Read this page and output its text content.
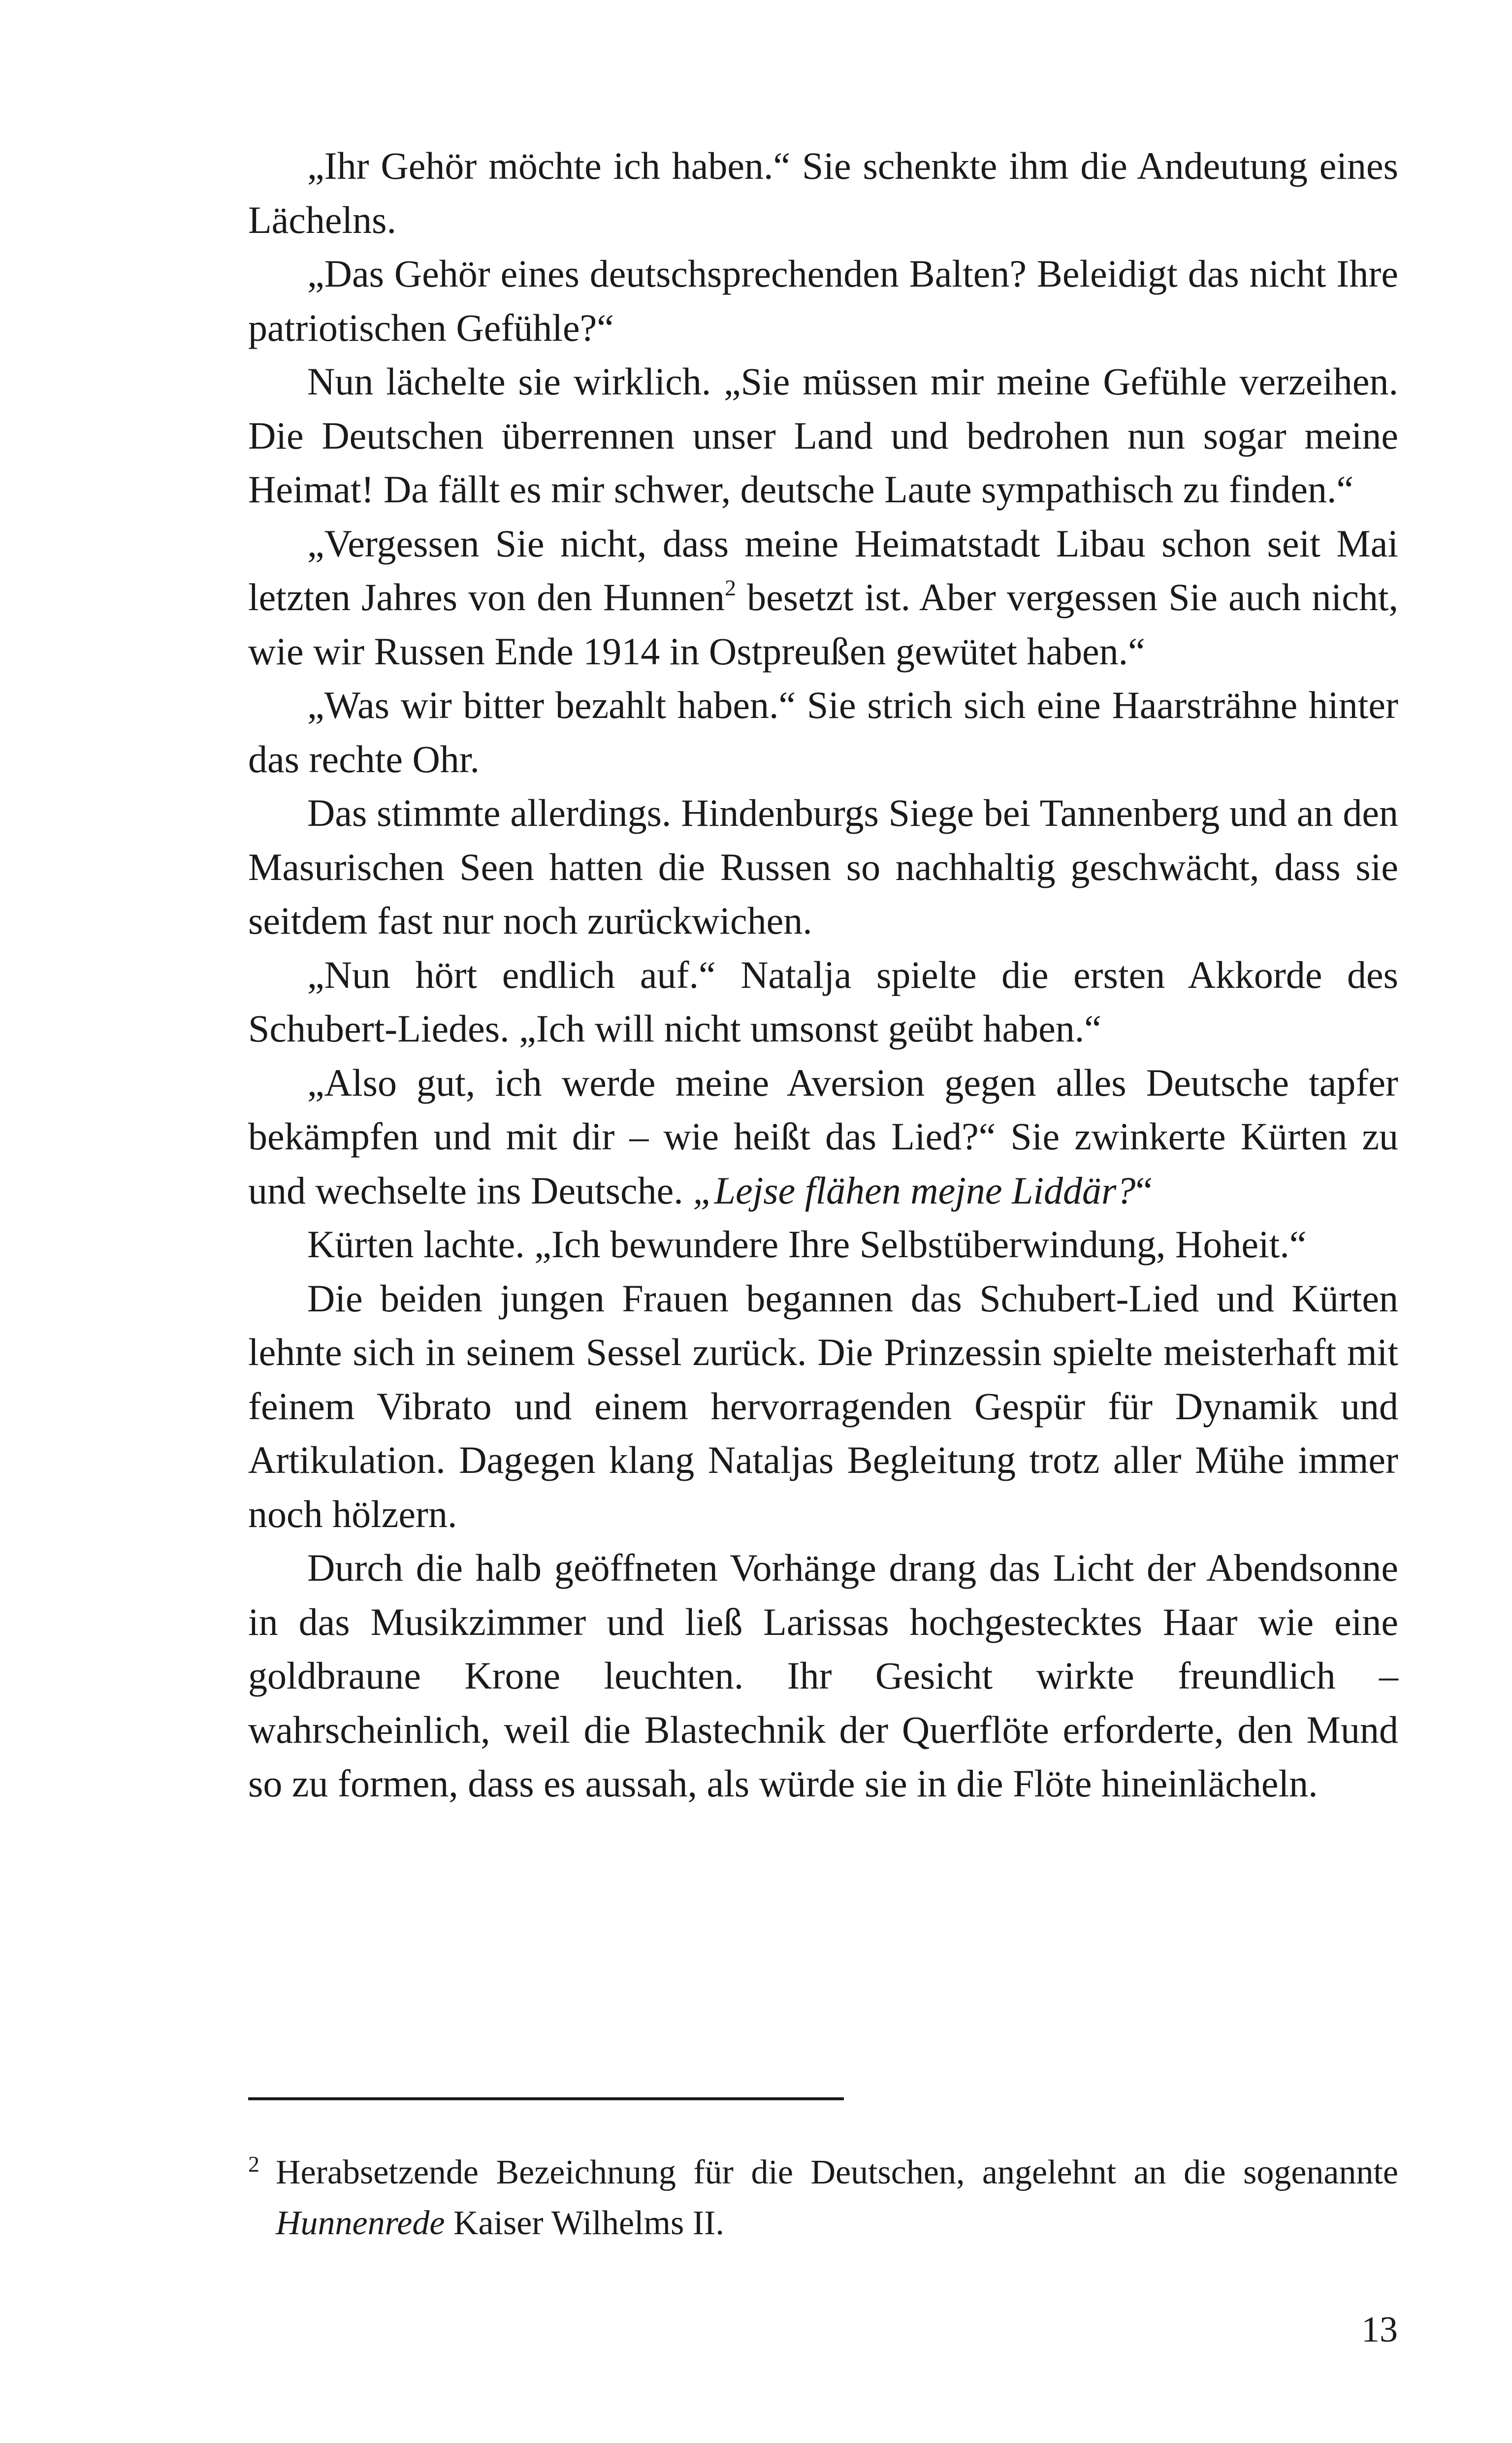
„Ihr Gehör möchte ich haben.“ Sie schenkte ihm die Andeutung eines Lächelns.

„Das Gehör eines deutschsprechenden Balten? Beleidigt das nicht Ihre patriotischen Gefühle?“

Nun lächelte sie wirklich. „Sie müssen mir meine Gefühle verzeihen. Die Deutschen überrennen unser Land und bedrohen nun sogar meine Heimat! Da fällt es mir schwer, deutsche Laute sympathisch zu finden.“

„Vergessen Sie nicht, dass meine Heimatstadt Libau schon seit Mai letzten Jahres von den Hunnen$^2$ besetzt ist. Aber vergessen Sie auch nicht, wie wir Russen Ende 1914 in Ostpreußen gewütet haben.“

„Was wir bitter bezahlt haben.“ Sie strich sich eine Haarsträhne hinter das rechte Ohr.

Das stimmte allerdings. Hindenburgs Siege bei Tannenberg und an den Masurischen Seen hatten die Russen so nachhaltig geschwächt, dass sie seitdem fast nur noch zurückwichen.

„Nun hört endlich auf.“ Natalja spielte die ersten Akkorde des Schubert-Liedes. „Ich will nicht umsonst geübt haben.“

„Also gut, ich werde meine Aversion gegen alles Deutsche tapfer bekämpfen und mit dir – wie heißt das Lied?“ Sie zwinkerte Kürten zu und wechselte ins Deutsche. „Lejse flähen mejne Liddär?“

Kürten lachte. „Ich bewundere Ihre Selbstüberwindung, Hoheit.“

Die beiden jungen Frauen begannen das Schubert-Lied und Kürten lehnte sich in seinem Sessel zurück. Die Prinzessin spielte meisterhaft mit feinem Vibrato und einem hervorragenden Gespür für Dynamik und Artikulation. Dagegen klang Nataljas Begleitung trotz aller Mühe immer noch hölzern.

Durch die halb geöffneten Vorhänge drang das Licht der Abendsonne in das Musikzimmer und ließ Larissas hochgestecktes Haar wie eine goldbraune Krone leuchten. Ihr Gesicht wirkte freundlich – wahrscheinlich, weil die Blastechnik der Querflöte erforderte, den Mund so zu formen, dass es aussah, als würde sie in die Flöte hineinlächeln.

$^2$ Herabsetzende Bezeichnung für die Deutschen, angelehnt an die sogenannte Hunnenrede Kaiser Wilhelms II.
13
